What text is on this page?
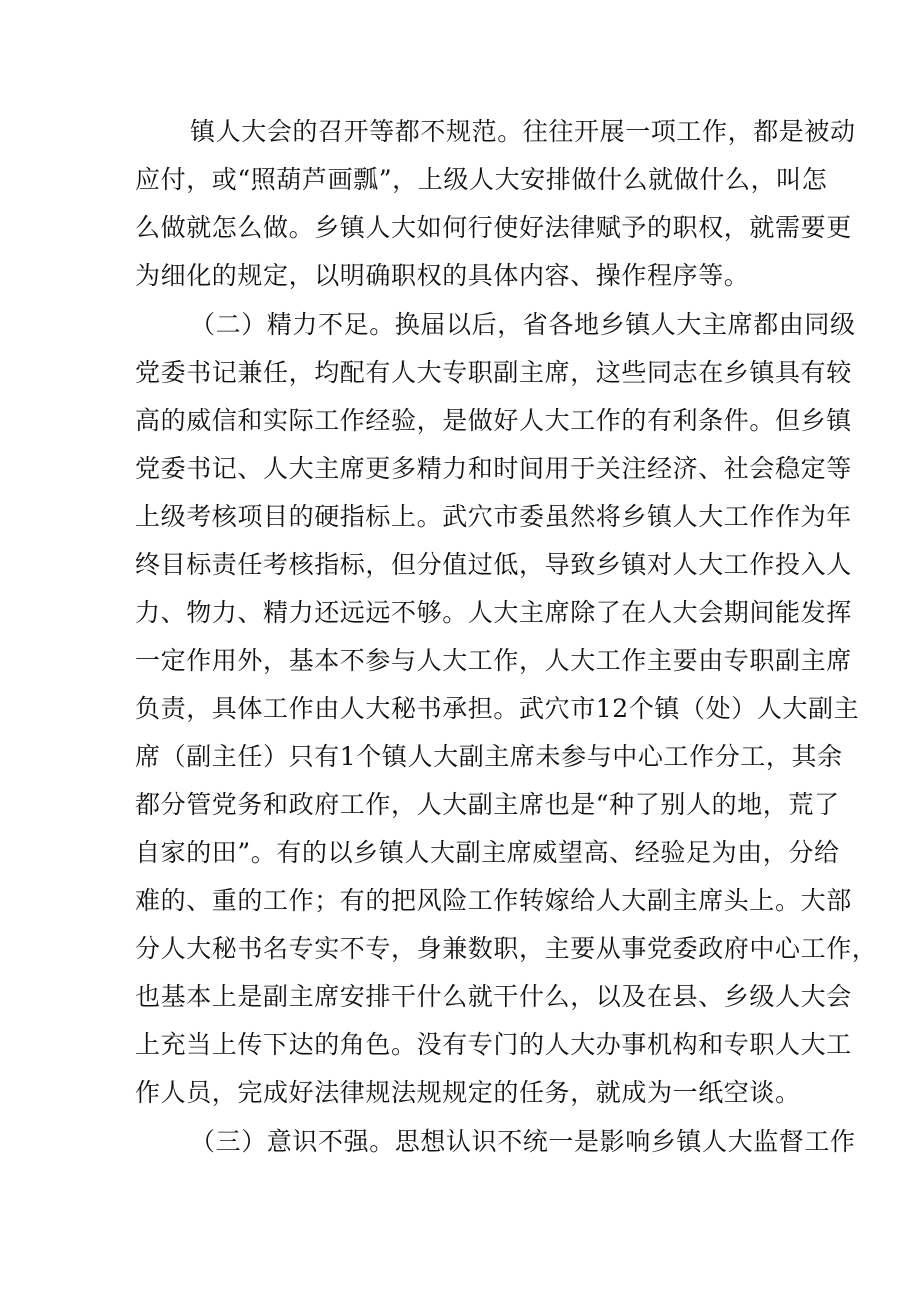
镇人大会的召开等都不规范。往往开展一项工作，都是被动
应付，或“照葫芦画瓢”，上级人大安排做什么就做什么，叫怎
么做就怎么做。乡镇人大如何行使好法律赋予的职权，就需要更
为细化的规定，以明确职权的具体内容、操作程序等。
（二）精力不足。换届以后，省各地乡镇人大主席都由同级
党委书记兼任，均配有人大专职副主席，这些同志在乡镇具有较
高的威信和实际工作经验，是做好人大工作的有利条件。但乡镇
党委书记、人大主席更多精力和时间用于关注经济、社会稳定等
上级考核项目的硬指标上。武穴市委虽然将乡镇人大工作作为年
终目标责任考核指标，但分值过低，导致乡镇对人大工作投入人
力、物力、精力还远远不够。人大主席除了在人大会期间能发挥
一定作用外，基本不参与人大工作，人大工作主要由专职副主席
负责，具体工作由人大秘书承担。武穴市12个镇（处）人大副主
席（副主任）只有1个镇人大副主席未参与中心工作分工，其余
都分管党务和政府工作，人大副主席也是“种了别人的地，荒了
自家的田”。有的以乡镇人大副主席威望高、经验足为由，分给
难的、重的工作；有的把风险工作转嫁给人大副主席头上。大部
分人大秘书名专实不专，身兼数职，主要从事党委政府中心工作，
也基本上是副主席安排干什么就干什么，以及在县、乡级人大会
上充当上传下达的角色。没有专门的人大办事机构和专职人大工
作人员，完成好法律规法规规定的任务，就成为一纸空谈。
（三）意识不强。思想认识不统一是影响乡镇人大监督工作
